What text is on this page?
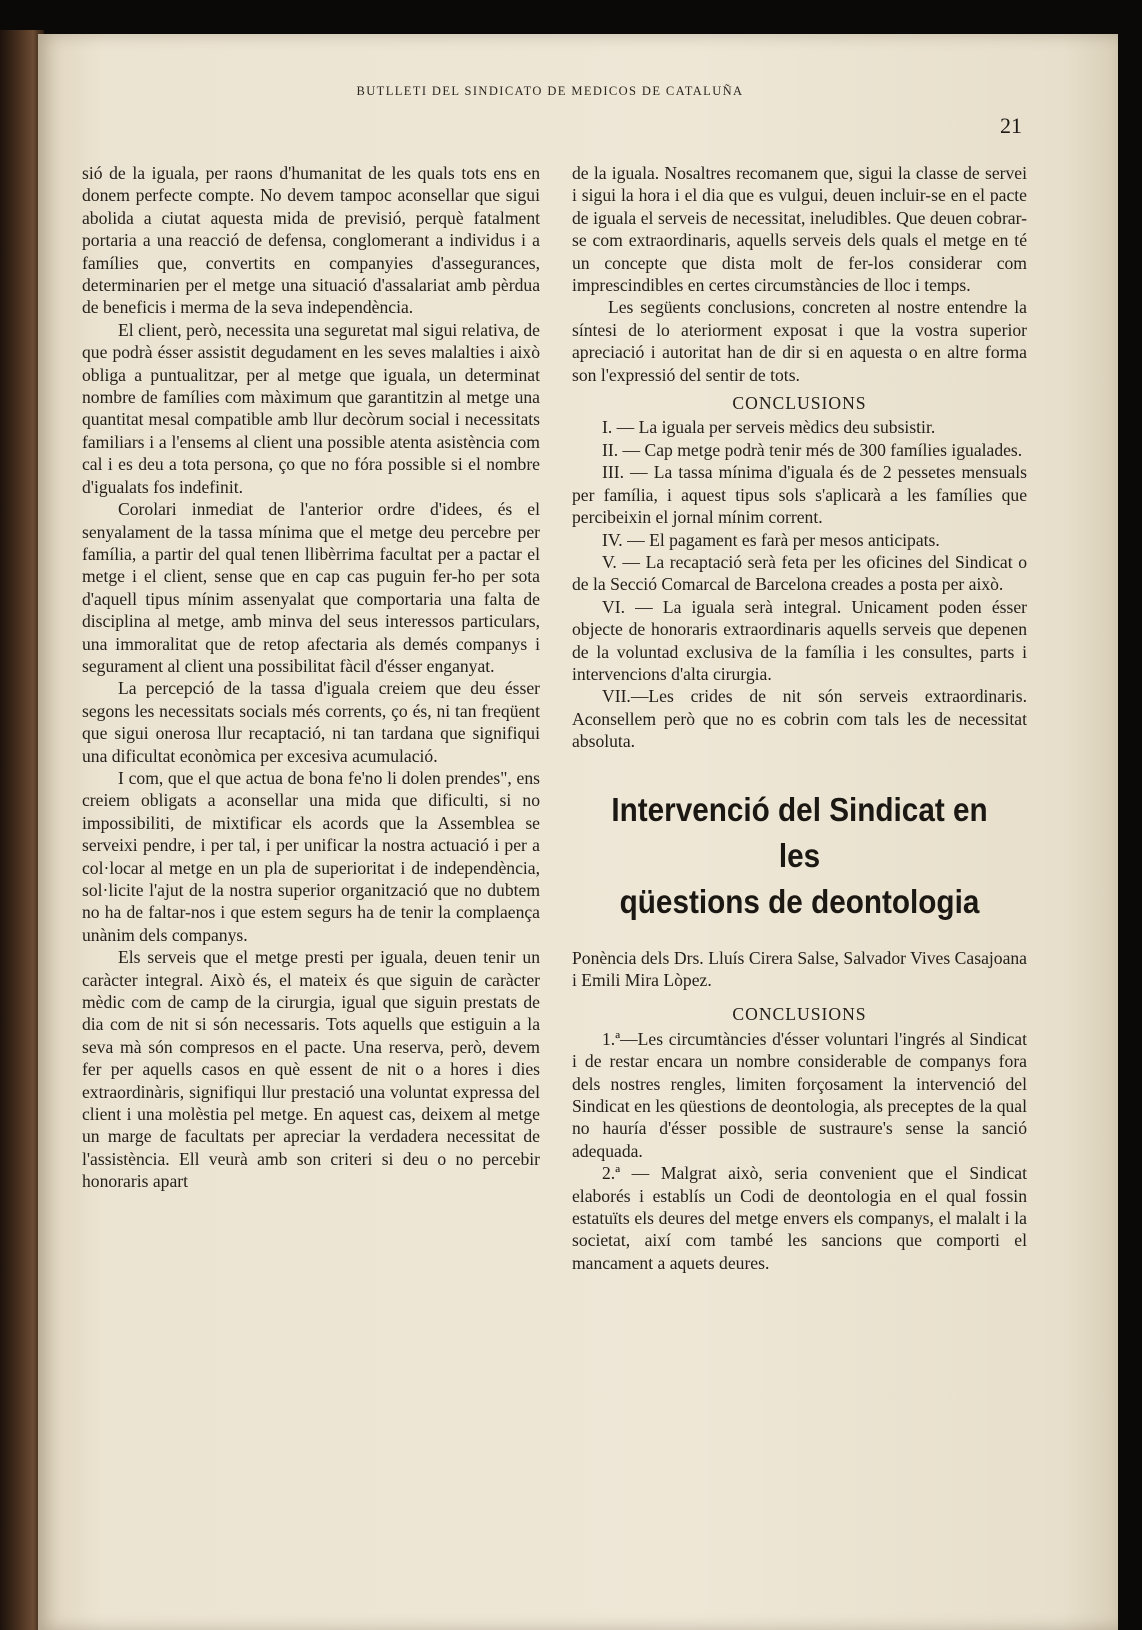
BUTLLETI DEL SINDICATO DE MEDICOS DE CATALUÑA
21

sió de la iguala, per raons d'humanitat de les quals tots ens en donem perfecte compte. No devem tampoc aconsellar que sigui abolida a ciutat aquesta mida de previsió, perquè fatalment portaria a una reacció de defensa, conglomerant a individus i a famílies que, convertits en companyies d'assegurances, determinarien per el metge una situació d'assalariat amb pèrdua de beneficis i merma de la seva independència.

El client, però, necessita una seguretat mal sigui relativa, de que podrà ésser assistit degudament en les seves malalties i això obliga a puntualitzar, per al metge que iguala, un determinat nombre de famílies com màximum que garantitzin al metge una quantitat mesal compatible amb llur decòrum social i necessitats familiars i a l'ensems al client una possible atenta asistència com cal i es deu a tota persona, ço que no fóra possible si el nombre d'igualats fos indefinit.

Corolari inmediat de l'anterior ordre d'idees, és el senyalament de la tassa mínima que el metge deu percebre per família, a partir del qual tenen llibèrrima facultat per a pactar el metge i el client, sense que en cap cas puguin fer-ho per sota d'aquell tipus mínim assenyalat que comportaria una falta de disciplina al metge, amb minva del seus interessos particulars, una immoralitat que de retop afectaria als demés companys i segurament al client una possibilitat fàcil d'ésser enganyat.

La percepció de la tassa d'iguala creiem que deu ésser segons les necessitats socials més corrents, ço és, ni tan freqüent que sigui onerosa llur recaptació, ni tan tardana que signifiqui una dificultat econòmica per excesiva acumulació.

I com, que el que actua de bona fe'no li dolen prendes", ens creiem obligats a aconsellar una mida que dificulti, si no impossibiliti, de mixtificar els acords que la Assemblea se serveixi pendre, i per tal, i per unificar la nostra actuació i per a col·locar al metge en un pla de superioritat i de independència, sol·licite l'ajut de la nostra superior organització que no dubtem no ha de faltar-nos i que estem segurs ha de tenir la complaença unànim dels companys.

Els serveis que el metge presti per iguala, deuen tenir un caràcter integral. Això és, el mateix és que siguin de caràcter mèdic com de camp de la cirurgia, igual que siguin prestats de dia com de nit si són necessaris. Tots aquells que estiguin a la seva mà són compresos en el pacte. Una reserva, però, devem fer per aquells casos en què essent de nit o a hores i dies extraordinàris, signifiqui llur prestació una voluntat expressa del client i una molèstia pel metge. En aquest cas, deixem al metge un marge de facultats per apreciar la verdadera necessitat de l'assistència. Ell veurà amb son criteri si deu o no percebir honoraris apart

de la iguala. Nosaltres recomanem que, sigui la classe de servei i sigui la hora i el dia que es vulgui, deuen incluir-se en el pacte de iguala el serveis de necessitat, ineludibles. Que deuen cobrar-se com extraordinaris, aquells serveis dels quals el metge en té un concepte que dista molt de fer-los considerar com imprescindibles en certes circumstàncies de lloc i temps.

Les següents conclusions, concreten al nostre entendre la síntesi de lo ateriorment exposat i que la vostra superior apreciació i autoritat han de dir si en aquesta o en altre forma son l'expressió del sentir de tots.

CONCLUSIONS

I. — La iguala per serveis mèdics deu subsistir.

II. — Cap metge podrà tenir més de 300 famílies igualades.

III. — La tassa mínima d'iguala és de 2 pessetes mensuals per família, i aquest tipus sols s'aplicarà a les famílies que percibeixin el jornal mínim corrent.

IV. — El pagament es farà per mesos anticipats.

V. — La recaptació serà feta per les oficines del Sindicat o de la Secció Comarcal de Barcelona creades a posta per això.

VI. — La iguala serà integral. Unicament poden ésser objecte de honoraris extraordinaris aquells serveis que depenen de la voluntad exclusiva de la família i les consultes, parts i intervencions d'alta cirurgia.

VII.—Les crides de nit són serveis extraordinaris. Aconsellem però que no es cobrin com tals les de necessitat absoluta.

Intervenció del Sindicat en les
qüestions de deontologia

Ponència dels Drs. Lluís Cirera Salse, Salvador Vives Casajoana i Emili Mira Lòpez.

CONCLUSIONS

1.ª—Les circumtàncies d'ésser voluntari l'ingrés al Sindicat i de restar encara un nombre considerable de companys fora dels nostres rengles, limiten forçosament la intervenció del Sindicat en les qüestions de deontologia, als preceptes de la qual no hauría d'ésser possible de sustraure's sense la sanció adequada.

2.ª — Malgrat això, seria convenient que el Sindicat elaborés i establís un Codi de deontologia en el qual fossin estatuïts els deures del metge envers els companys, el malalt i la societat, així com també les sancions que comporti el mancament a aquets deures.
